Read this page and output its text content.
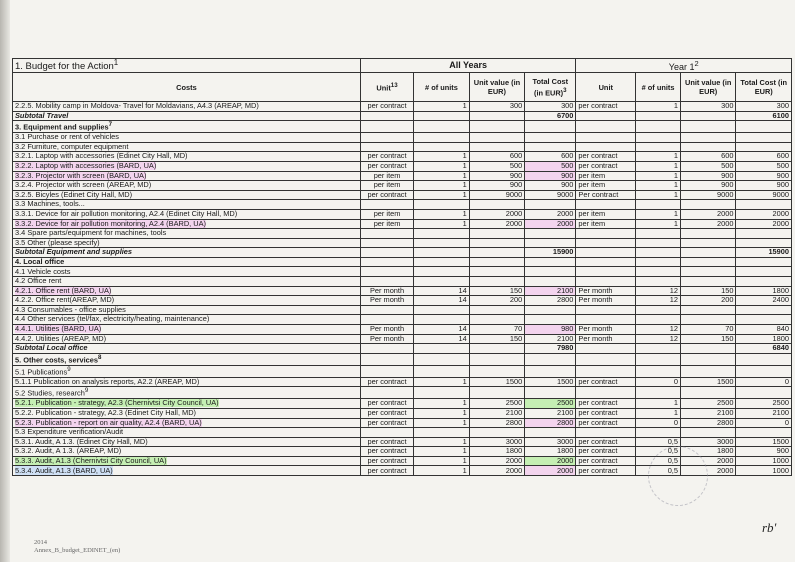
1. Budget for the Action$^1$	All Years				Year $1^2$
Costs	Unit$^{13}$	# of units	Unit value (in EUR)	Total Cost (in EUR)$^3$	Unit	# of units	Unit value (in EUR)	Total Cost (in EUR)
2.2.5. Mobility camp in Moldova- Travel for Moldavians, A4.3 (AREAP, MD)	per contract	1	300	300	per contract	1	300	300
Subtotal Travel				6700				6100
3. Equipment and supplies$^7$								
3.1 Purchase or rent of vehicles								
3.2 Furniture, computer equipment								
3.2.1. Laptop with accessories (Edinet City Hall, MD)	per contract	1	600	600	per contract	1	600	600
3.2.2. Laptop with accessories (BARD, UA)	per contract	1	500	500	per contract	1	500	500
3.2.3. Projector with screen (BARD, UA)	per item	1	900	900	per item	1	900	900
3.2.4. Projector with screen (AREAP, MD)	per item	1	900	900	per item	1	900	900
3.2.5. Bicyles (Edinet City Hall, MD)	per contract	1	9000	9000	Per contract	1	9000	9000
3.3 Machines, tools...								
3.3.1. Device for air pollution monitoring, A2.4 (Edinet City Hall, MD)	per item	1	2000	2000	per item	1	2000	2000
3.3.2. Device for air pollution monitoring, A2.4 (BARD, UA)	per item	1	2000	2000	per item	1	2000	2000
3.4 Spare parts/equipment for machines, tools								
3.5 Other (please specify)								
Subtotal Equipment and supplies				15900				15900
4. Local office								
4.1 Vehicle costs								
4.2 Office rent								
4.2.1. Office rent (BARD, UA)	Per month	14	150	2100	Per month	12	150	1800
4.2.2. Office rent(AREAP, MD)	Per month	14	200	2800	Per month	12	200	2400
4.3 Consumables - office supplies								
4.4 Other services (tel/fax, electricity/heating, maintenance)								
4.4.1. Utilities (BARD, UA)	Per month	14	70	980	Per month	12	70	840
4.4.2. Utilities (AREAP, MD)	Per month	14	150	2100	Per month	12	150	1800
Subtotal Local office				7980				6840
5. Other costs, services$^8$								
5.1 Publications$^9$								
5.1.1 Publication on analysis reports, A2.2 (AREAP, MD)	per contract	1	1500	1500	per contract	0	1500	0
5.2 Studies, research$^9$								
5.2.1. Publication - strategy, A2.3 (Chernivtsi City Council, UA)	per contract	1	2500	2500	per contract	1	2500	2500
5.2.2. Publication - strategy, A2.3 (Edinet City Hall, MD)	per contract	1	2100	2100	per contract	1	2100	2100
5.2.3. Publication - report on air quality, A2.4 (BARD, UA)	per contract	1	2800	2800	per contract	0	2800	0
5.3 Expenditure verification/Audit								
5.3.1. Audit, A 1.3. (Edinet City Hall, MD)	per contract	1	3000	3000	per contract	0,5	3000	1500
5.3.2. Audit, A 1.3. (AREAP, MD)	per contract	1	1800	1800	per contract	0,5	1800	900
5.3.3. Audit, A1.3 (Chernivtsi City Council, UA)	per contract	1	2000	2000	per contract	0,5	2000	1000
5.3.4. Audit, A1.3 (BARD, UA)	per contract	1	2000	2000	per contract	0,5	2000	1000
rb'
2014
Annex_B_budget_EDINET_(en)
